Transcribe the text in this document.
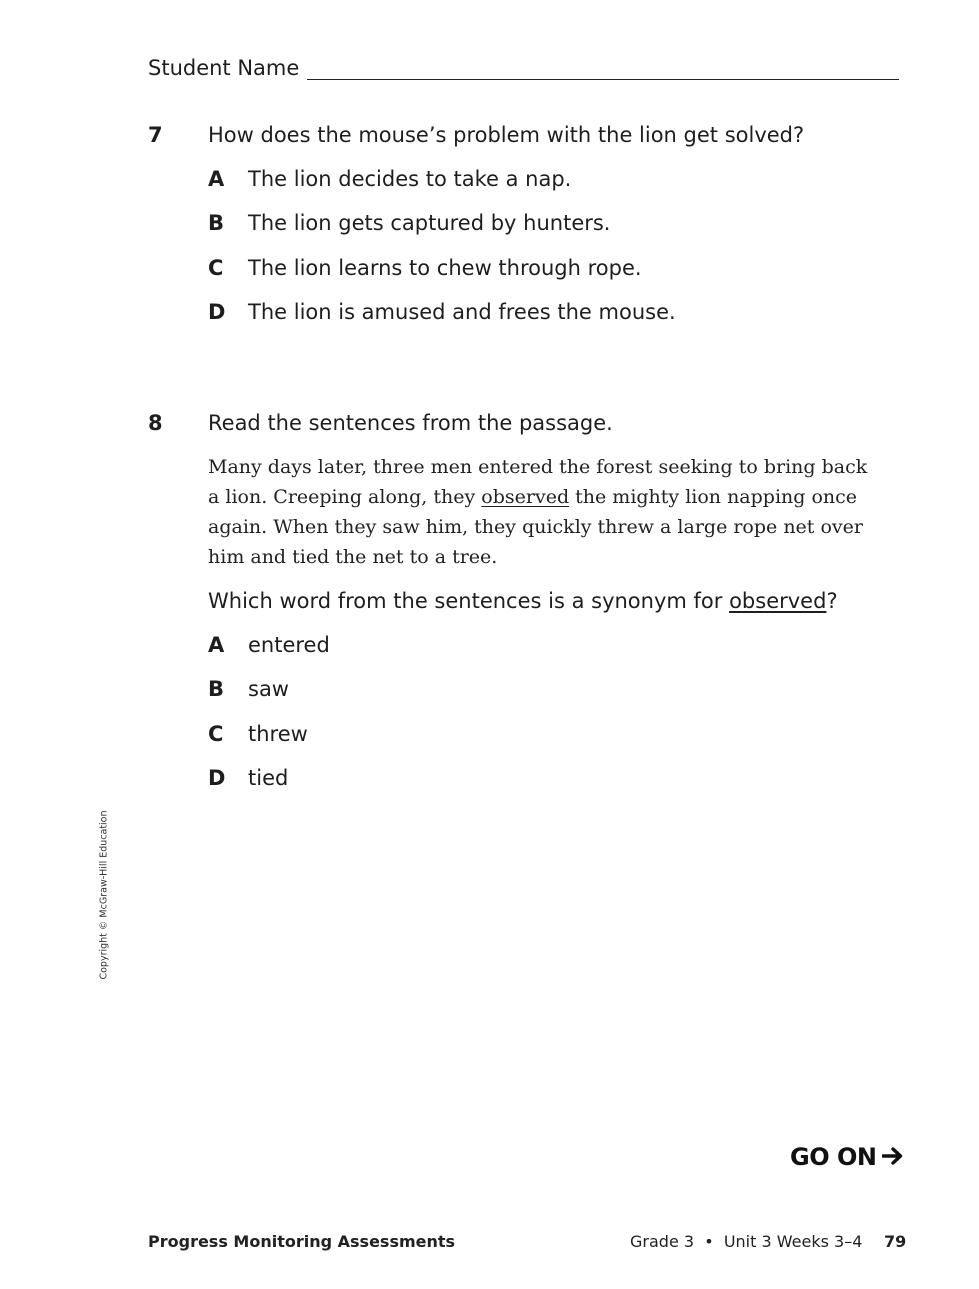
Student Name
7 How does the mouse’s problem with the lion get solved?
A	The lion decides to take a nap.
B	The lion gets captured by hunters.
C	The lion learns to chew through rope.
D	The lion is amused and frees the mouse.
8 Read the sentences from the passage.
Many days later, three men entered the forest seeking to bring back a lion. Creeping along, they observed the mighty lion napping once again. When they saw him, they quickly threw a large rope net over him and tied the net to a tree.
Which word from the sentences is a synonym for observed?
A	entered
B	saw
C	threw
D	tied
Copyright © McGraw-Hill Education
GO ON
Progress Monitoring Assessments	Grade 3  •  Unit 3 Weeks 3–4 79
